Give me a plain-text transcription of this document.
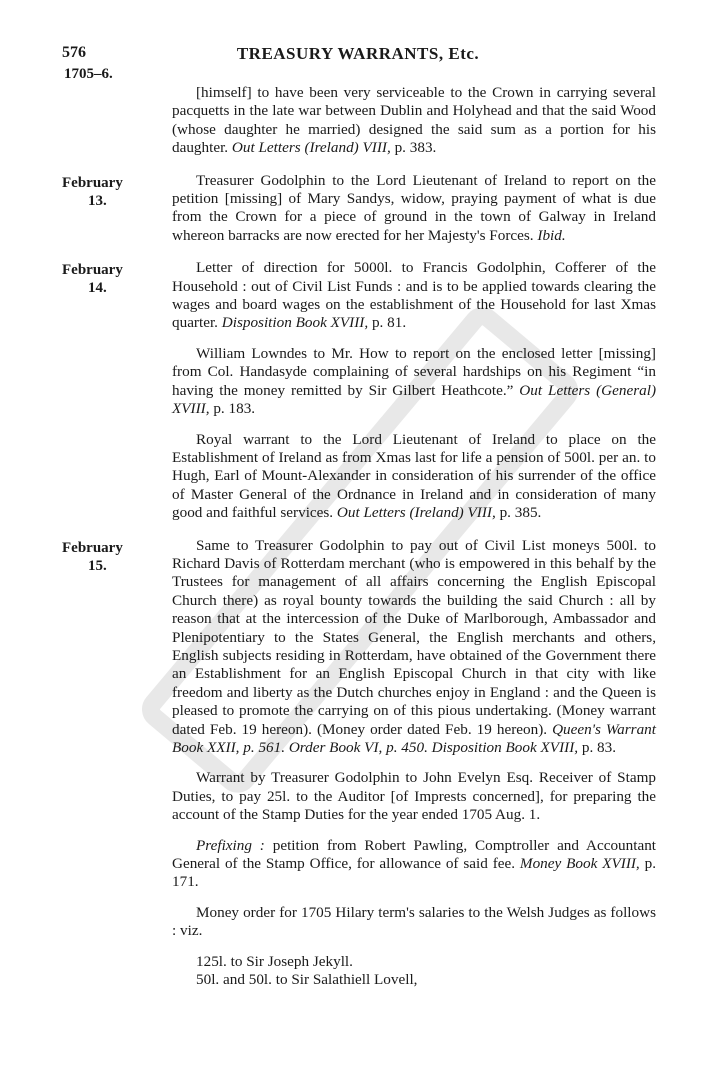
576	TREASURY WARRANTS, Etc.
1705–6.

[himself] to have been very serviceable to the Crown in carrying several pacquetts in the late war between Dublin and Holyhead and that the said Wood (whose daughter he married) designed the said sum as a portion for his daughter. Out Letters (Ireland) VIII, p. 383.

February
13.

Treasurer Godolphin to the Lord Lieutenant of Ireland to report on the petition [missing] of Mary Sandys, widow, praying payment of what is due from the Crown for a piece of ground in the town of Galway in Ireland whereon barracks are now erected for her Majesty's Forces. Ibid.

February
14.

Letter of direction for 5000l. to Francis Godolphin, Cofferer of the Household : out of Civil List Funds : and is to be applied towards clearing the wages and board wages on the establishment of the Household for last Xmas quarter. Disposition Book XVIII, p. 81.

William Lowndes to Mr. How to report on the enclosed letter [missing] from Col. Handasyde complaining of several hardships on his Regiment “in having the money remitted by Sir Gilbert Heathcote.” Out Letters (General) XVIII, p. 183.

Royal warrant to the Lord Lieutenant of Ireland to place on the Establishment of Ireland as from Xmas last for life a pension of 500l. per an. to Hugh, Earl of Mount-Alexander in consideration of his surrender of the office of Master General of the Ordnance in Ireland and in consideration of many good and faithful services. Out Letters (Ireland) VIII, p. 385.

February
15.

Same to Treasurer Godolphin to pay out of Civil List moneys 500l. to Richard Davis of Rotterdam merchant (who is empowered in this behalf by the Trustees for management of all affairs concerning the English Episcopal Church there) as royal bounty towards the building the said Church : all by reason that at the intercession of the Duke of Marlborough, Ambassador and Plenipotentiary to the States General, the English merchants and others, English subjects residing in Rotterdam, have obtained of the Government there an Establishment for an English Episcopal Church in that city with like freedom and liberty as the Dutch churches enjoy in England : and the Queen is pleased to promote the carrying on of this pious undertaking. (Money warrant dated Feb. 19 hereon). (Money order dated Feb. 19 hereon). Queen's Warrant Book XXII, p. 561. Order Book VI, p. 450. Disposition Book XVIII, p. 83.

Warrant by Treasurer Godolphin to John Evelyn Esq. Receiver of Stamp Duties, to pay 25l. to the Auditor [of Imprests concerned], for preparing the account of the Stamp Duties for the year ended 1705 Aug. 1.

Prefixing : petition from Robert Pawling, Comptroller and Accountant General of the Stamp Office, for allowance of said fee. Money Book XVIII, p. 171.

Money order for 1705 Hilary term's salaries to the Welsh Judges as follows : viz.

125l. to Sir Joseph Jekyll.
50l. and 50l. to Sir Salathiell Lovell,
